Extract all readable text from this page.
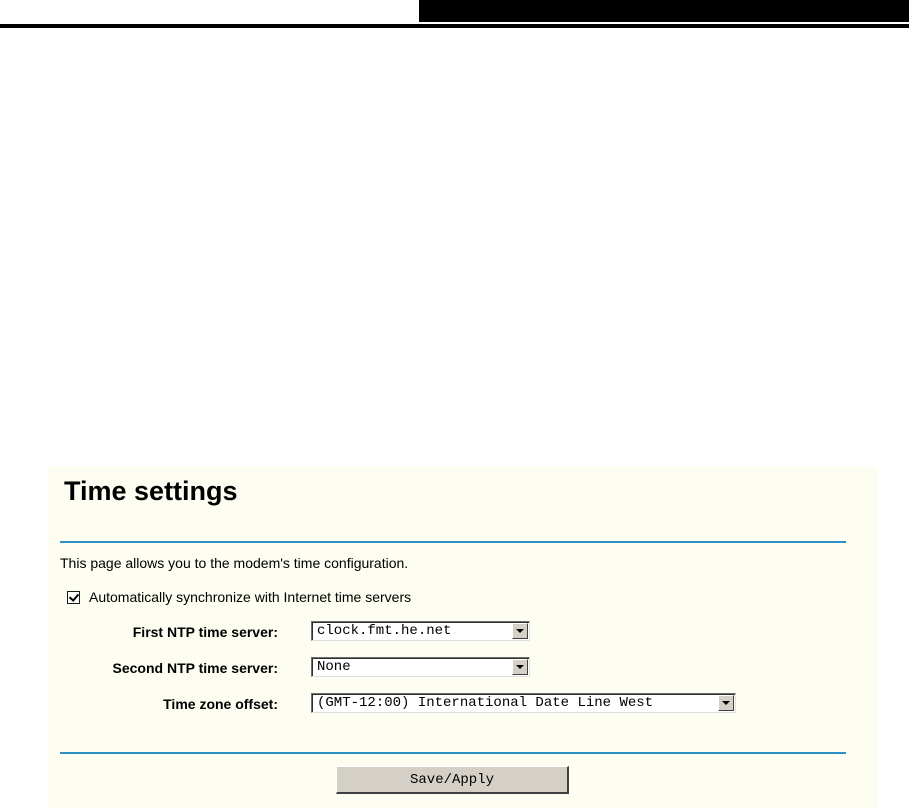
Time settings
This page allows you to the modem's time configuration.
Automatically synchronize with Internet time servers
First NTP time server:	clock.fmt.he.net
Second NTP time server:	None
Time zone offset:	(GMT-12:00) International Date Line West
Save/Apply
